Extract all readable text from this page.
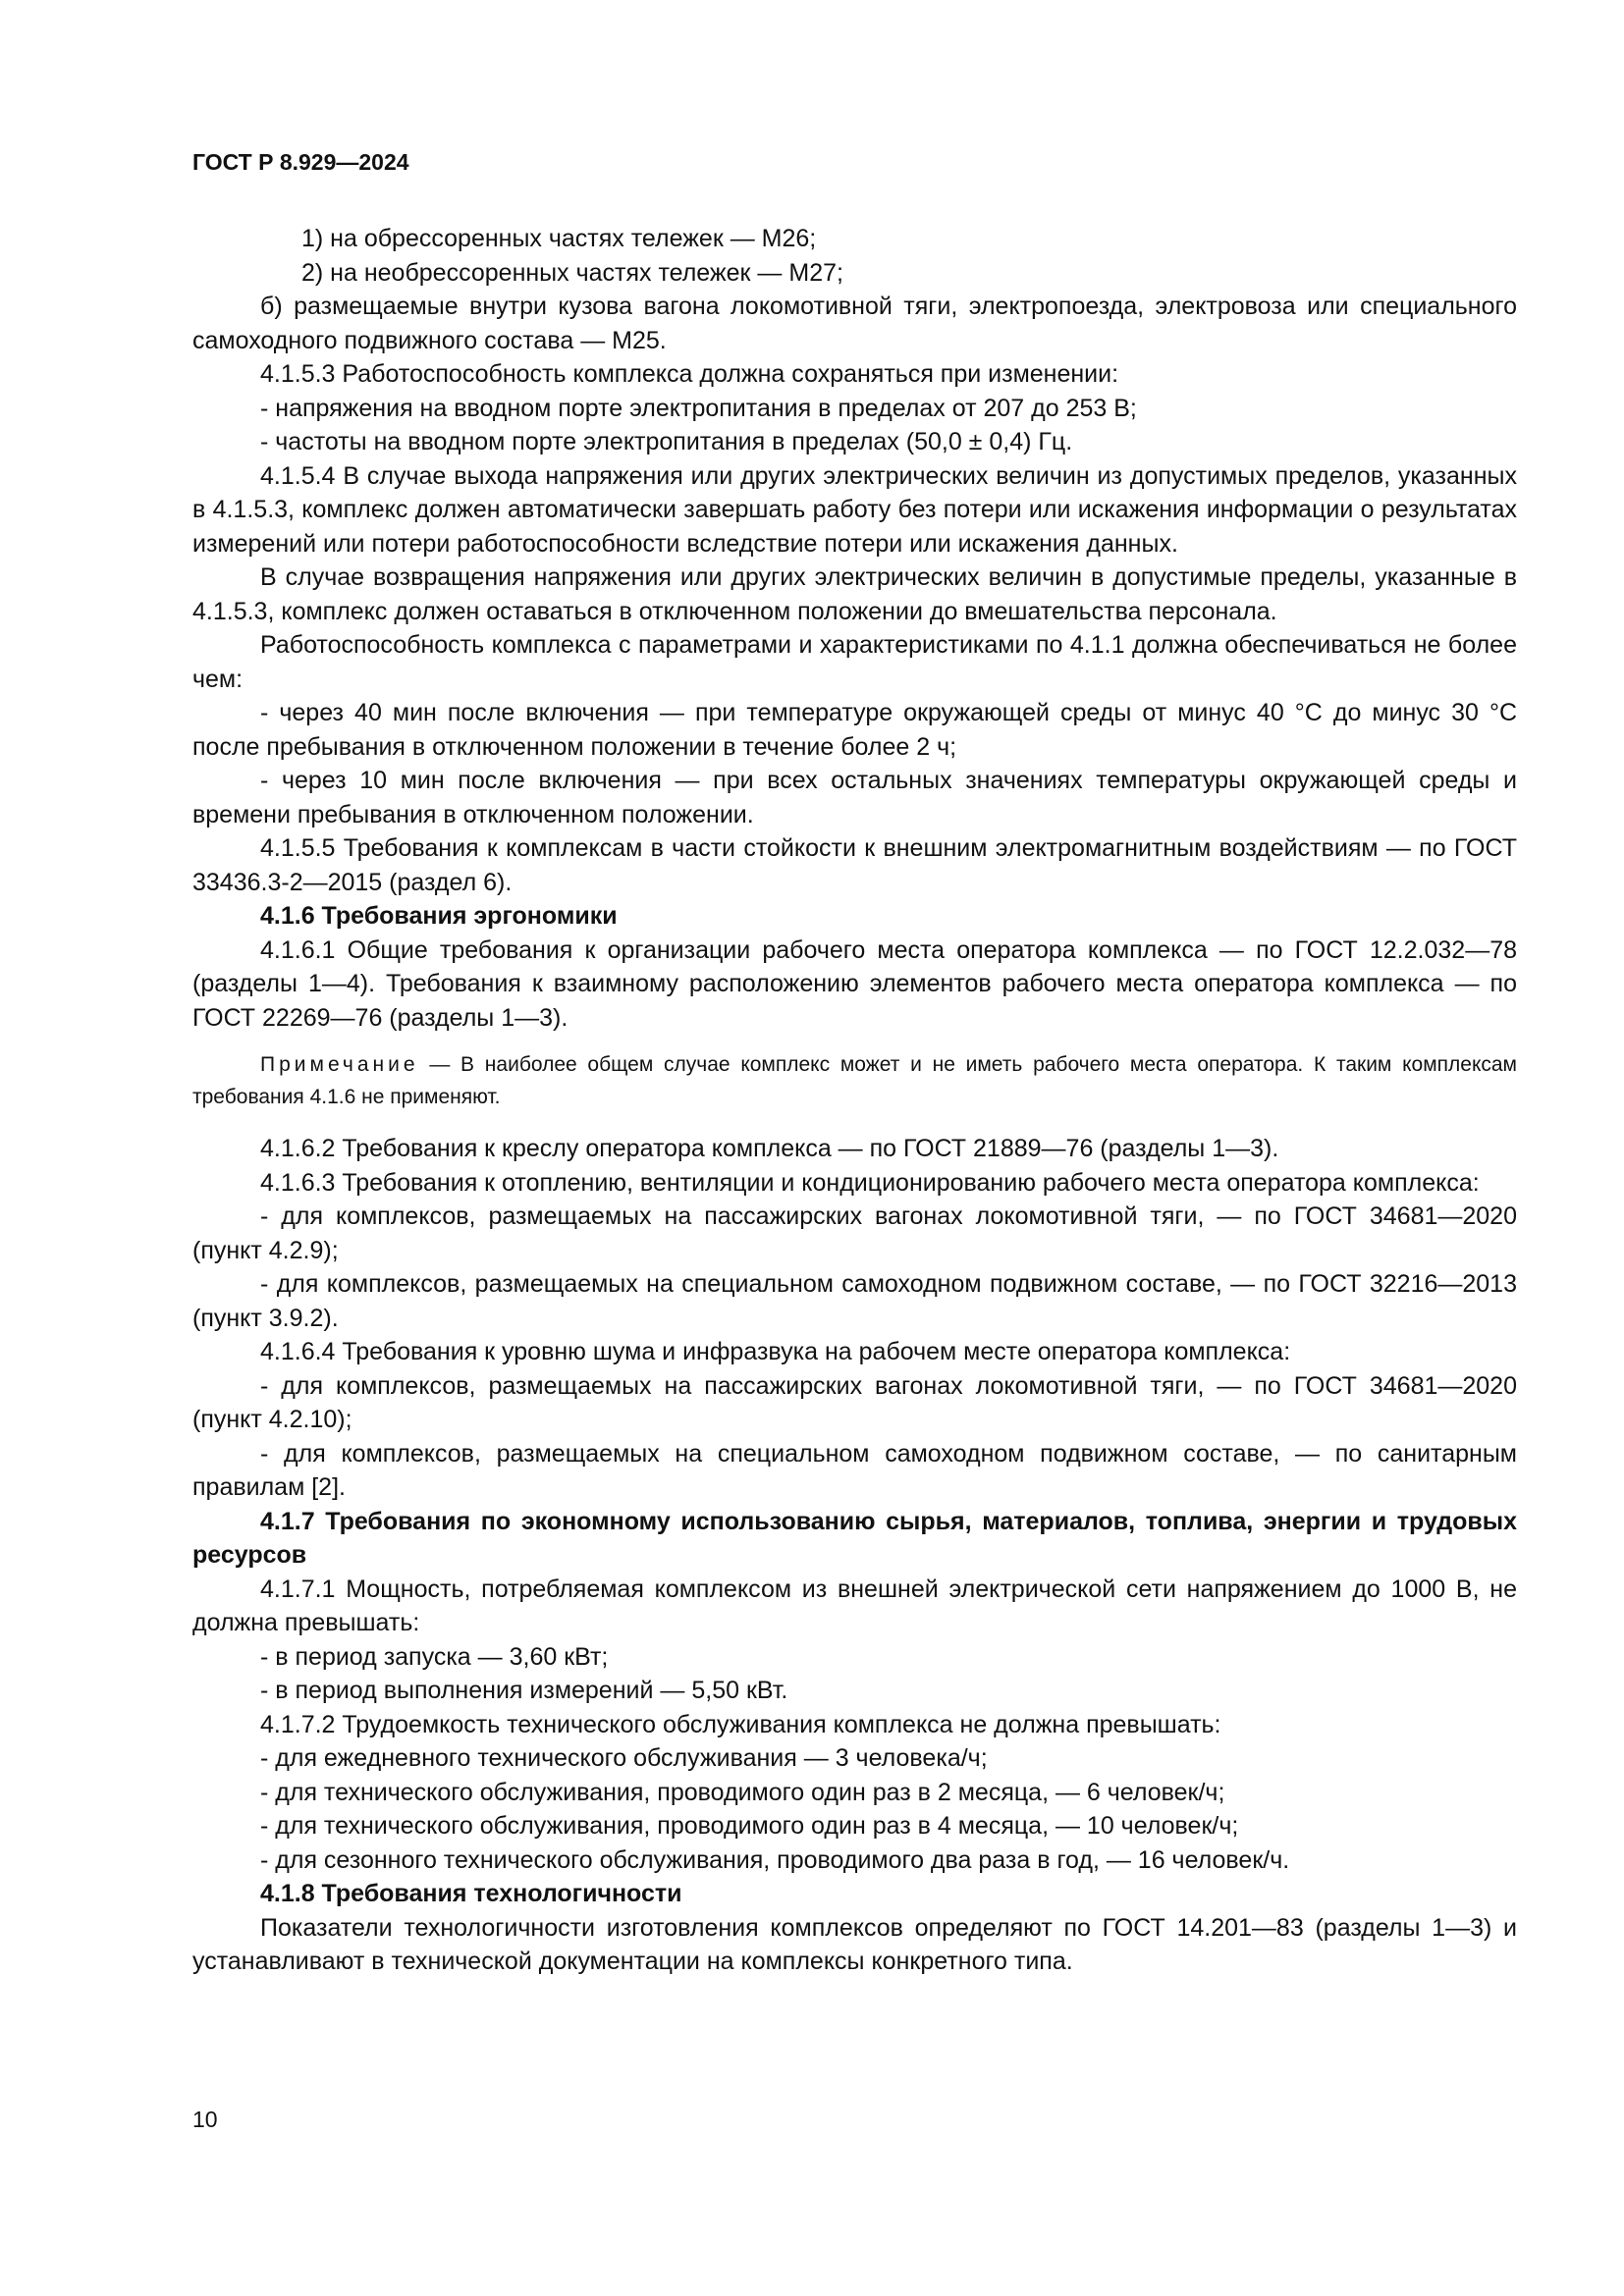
ГОСТ Р 8.929—2024

1) на обрессоренных частях тележек — М26;

2) на необрессоренных частях тележек — М27;

б) размещаемые внутри кузова вагона локомотивной тяги, электропоезда, электровоза или специального самоходного подвижного состава — М25.

4.1.5.3 Работоспособность комплекса должна сохраняться при изменении:

- напряжения на вводном порте электропитания в пределах от 207 до 253 В;

- частоты на вводном порте электропитания в пределах (50,0 ± 0,4) Гц.

4.1.5.4 В случае выхода напряжения или других электрических величин из допустимых пределов, указанных в 4.1.5.3, комплекс должен автоматически завершать работу без потери или искажения информации о результатах измерений или потери работоспособности вследствие потери или искажения данных.

В случае возвращения напряжения или других электрических величин в допустимые пределы, указанные в 4.1.5.3, комплекс должен оставаться в отключенном положении до вмешательства персонала.

Работоспособность комплекса с параметрами и характеристиками по 4.1.1 должна обеспечиваться не более чем:

- через 40 мин после включения — при температуре окружающей среды от минус 40 °С до минус 30 °С после пребывания в отключенном положении в течение более 2 ч;

- через 10 мин после включения — при всех остальных значениях температуры окружающей среды и времени пребывания в отключенном положении.

4.1.5.5 Требования к комплексам в части стойкости к внешним электромагнитным воздействиям — по ГОСТ 33436.3-2—2015 (раздел 6).

4.1.6 Требования эргономики

4.1.6.1 Общие требования к организации рабочего места оператора комплекса — по ГОСТ 12.2.032—78 (разделы 1—4). Требования к взаимному расположению элементов рабочего места оператора комплекса — по ГОСТ 22269—76 (разделы 1—3).

Примечание — В наиболее общем случае комплекс может и не иметь рабочего места оператора. К таким комплексам требования 4.1.6 не применяют.

4.1.6.2 Требования к креслу оператора комплекса — по ГОСТ 21889—76 (разделы 1—3).

4.1.6.3 Требования к отоплению, вентиляции и кондиционированию рабочего места оператора комплекса:

- для комплексов, размещаемых на пассажирских вагонах локомотивной тяги, — по ГОСТ 34681—2020 (пункт 4.2.9);

- для комплексов, размещаемых на специальном самоходном подвижном составе, — по ГОСТ 32216—2013 (пункт 3.9.2).

4.1.6.4 Требования к уровню шума и инфразвука на рабочем месте оператора комплекса:

- для комплексов, размещаемых на пассажирских вагонах локомотивной тяги, — по ГОСТ 34681—2020 (пункт 4.2.10);

- для комплексов, размещаемых на специальном самоходном подвижном составе, — по санитарным правилам [2].

4.1.7 Требования по экономному использованию сырья, материалов, топлива, энергии и трудовых ресурсов

4.1.7.1 Мощность, потребляемая комплексом из внешней электрической сети напряжением до 1000 В, не должна превышать:

- в период запуска — 3,60 кВт;

- в период выполнения измерений — 5,50 кВт.

4.1.7.2 Трудоемкость технического обслуживания комплекса не должна превышать:

- для ежедневного технического обслуживания — 3 человека/ч;

- для технического обслуживания, проводимого один раз в 2 месяца, — 6 человек/ч;

- для технического обслуживания, проводимого один раз в 4 месяца, — 10 человек/ч;

- для сезонного технического обслуживания, проводимого два раза в год, — 16 человек/ч.

4.1.8 Требования технологичности

Показатели технологичности изготовления комплексов определяют по ГОСТ 14.201—83 (разделы 1—3) и устанавливают в технической документации на комплексы конкретного типа.

10
